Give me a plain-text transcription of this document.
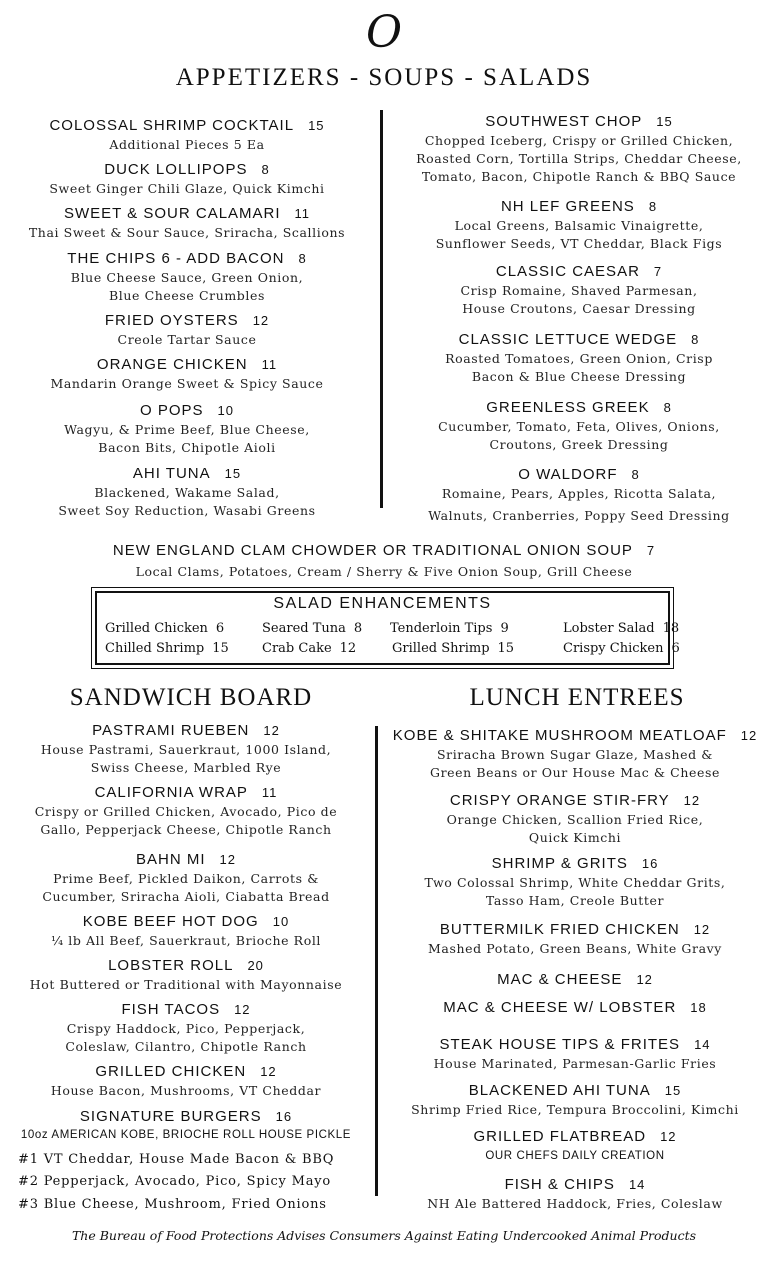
O
APPETIZERS - SOUPS - SALADS
COLOSSAL SHRIMP COCKTAIL 15
Additional Pieces 5 Ea
DUCK LOLLIPOPS 8
Sweet Ginger Chili Glaze, Quick Kimchi
SWEET & SOUR CALAMARI 11
Thai Sweet & Sour Sauce, Sriracha, Scallions
THE CHIPS 6 - ADD BACON 8
Blue Cheese Sauce, Green Onion,
Blue Cheese Crumbles
FRIED OYSTERS 12
Creole Tartar Sauce
ORANGE CHICKEN 11
Mandarin Orange Sweet & Spicy Sauce
O POPS 10
Wagyu, & Prime Beef, Blue Cheese,
Bacon Bits, Chipotle Aioli
AHI TUNA 15
Blackened, Wakame Salad,
Sweet Soy Reduction, Wasabi Greens
SOUTHWEST CHOP 15
Chopped Iceberg, Crispy or Grilled Chicken,
Roasted Corn, Tortilla Strips, Cheddar Cheese,
Tomato, Bacon, Chipotle Ranch & BBQ Sauce
NH LEF GREENS 8
Local Greens, Balsamic Vinaigrette,
Sunflower Seeds, VT Cheddar, Black Figs
CLASSIC CAESAR 7
Crisp Romaine, Shaved Parmesan,
House Croutons, Caesar Dressing
CLASSIC LETTUCE WEDGE 8
Roasted Tomatoes, Green Onion, Crisp
Bacon & Blue Cheese Dressing
GREENLESS GREEK 8
Cucumber, Tomato, Feta, Olives, Onions,
Croutons, Greek Dressing
O WALDORF 8
Romaine, Pears, Apples, Ricotta Salata,
Walnuts, Cranberries, Poppy Seed Dressing
NEW ENGLAND CLAM CHOWDER OR TRADITIONAL ONION SOUP 7
Local Clams, Potatoes, Cream / Sherry & Five Onion Soup, Grill Cheese
SALAD ENHANCEMENTS
Grilled Chicken 6	Seared Tuna 8 Tenderloin Tips 9	Lobster Salad 18
Chilled Shrimp 15	Crab Cake 12	Grilled Shrimp 15	Crispy Chicken 6
SANDWICH BOARD	LUNCH ENTREES
PASTRAMI RUEBEN 12
House Pastrami, Sauerkraut, 1000 Island,
Swiss Cheese, Marbled Rye
CALIFORNIA WRAP 11
Crispy or Grilled Chicken, Avocado, Pico de
Gallo, Pepperjack Cheese, Chipotle Ranch
BAHN MI 12
Prime Beef, Pickled Daikon, Carrots &
Cucumber, Sriracha Aioli, Ciabatta Bread
KOBE BEEF HOT DOG 10
¼ lb All Beef, Sauerkraut, Brioche Roll
LOBSTER ROLL 20
Hot Buttered or Traditional with Mayonnaise
FISH TACOS 12
Crispy Haddock, Pico, Pepperjack,
Coleslaw, Cilantro, Chipotle Ranch
GRILLED CHICKEN 12
House Bacon, Mushrooms, VT Cheddar
SIGNATURE BURGERS 16
10oz AMERICAN KOBE, BRIOCHE ROLL HOUSE PICKLE
#1 VT Cheddar, House Made Bacon & BBQ
#2 Pepperjack, Avocado, Pico, Spicy Mayo
#3 Blue Cheese, Mushroom, Fried Onions
KOBE & SHITAKE MUSHROOM MEATLOAF 12
Sriracha Brown Sugar Glaze, Mashed &
Green Beans or Our House Mac & Cheese
CRISPY ORANGE STIR-FRY 12
Orange Chicken, Scallion Fried Rice,
Quick Kimchi
SHRIMP & GRITS 16
Two Colossal Shrimp, White Cheddar Grits,
Tasso Ham, Creole Butter
BUTTERMILK FRIED CHICKEN 12
Mashed Potato, Green Beans, White Gravy
MAC & CHEESE 12
MAC & CHEESE W/ LOBSTER 18
STEAK HOUSE TIPS & FRITES 14
House Marinated, Parmesan-Garlic Fries
BLACKENED AHI TUNA 15
Shrimp Fried Rice, Tempura Broccolini, Kimchi
GRILLED FLATBREAD 12
OUR CHEFS DAILY CREATION
FISH & CHIPS 14
NH Ale Battered Haddock, Fries, Coleslaw
The Bureau of Food Protections Advises Consumers Against Eating Undercooked Animal Products
